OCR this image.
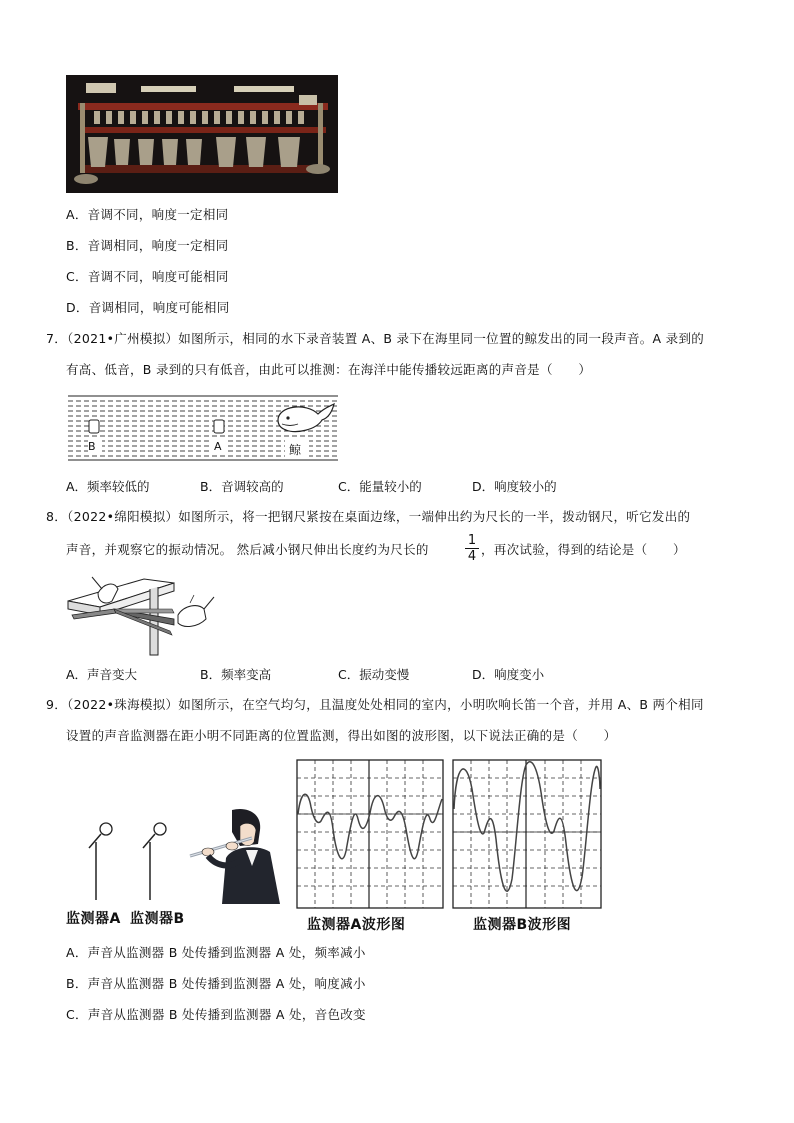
A．音调不同，响度一定相同
B．音调相同，响度一定相同
C．音调不同，响度可能相同
D．音调相同，响度可能相同
7．（2021•广州模拟）如图所示，相同的水下录音装置 A、B 录下在海里同一位置的鲸发出的同一段声音。A 录到的
有高、低音，B 录到的只有低音，由此可以推测：在海洋中能传播较远距离的声音是（　　）
B	A	鲸
A．频率较低的	B．音调较高的	C．能量较小的	D．响度较小的
8．（2022•绵阳模拟）如图所示，将一把钢尺紧按在桌面边缘，一端伸出约为尺长的一半，拨动钢尺，听它发出的
声音，并观察它的振动情况。 然后减小钢尺伸出长度约为尺长的
1
4 ，再次试验，得到的结论是（　　）
A．声音变大	B．频率变高	C．振动变慢	D．响度变小
9．（2022•珠海模拟）如图所示，在空气均匀，且温度处处相同的室内，小明吹响长笛一个音，并用 A、B 两个相同
设置的声音监测器在距小明不同距离的位置监测，得出如图的波形图，以下说法正确的是（　　）
监测器A 监测器B	监测器A波形图	监测器B波形图
A．声音从监测器 B 处传播到监测器 A 处，频率减小
B．声音从监测器 B 处传播到监测器 A 处，响度减小
C．声音从监测器 B 处传播到监测器 A 处，音色改变
